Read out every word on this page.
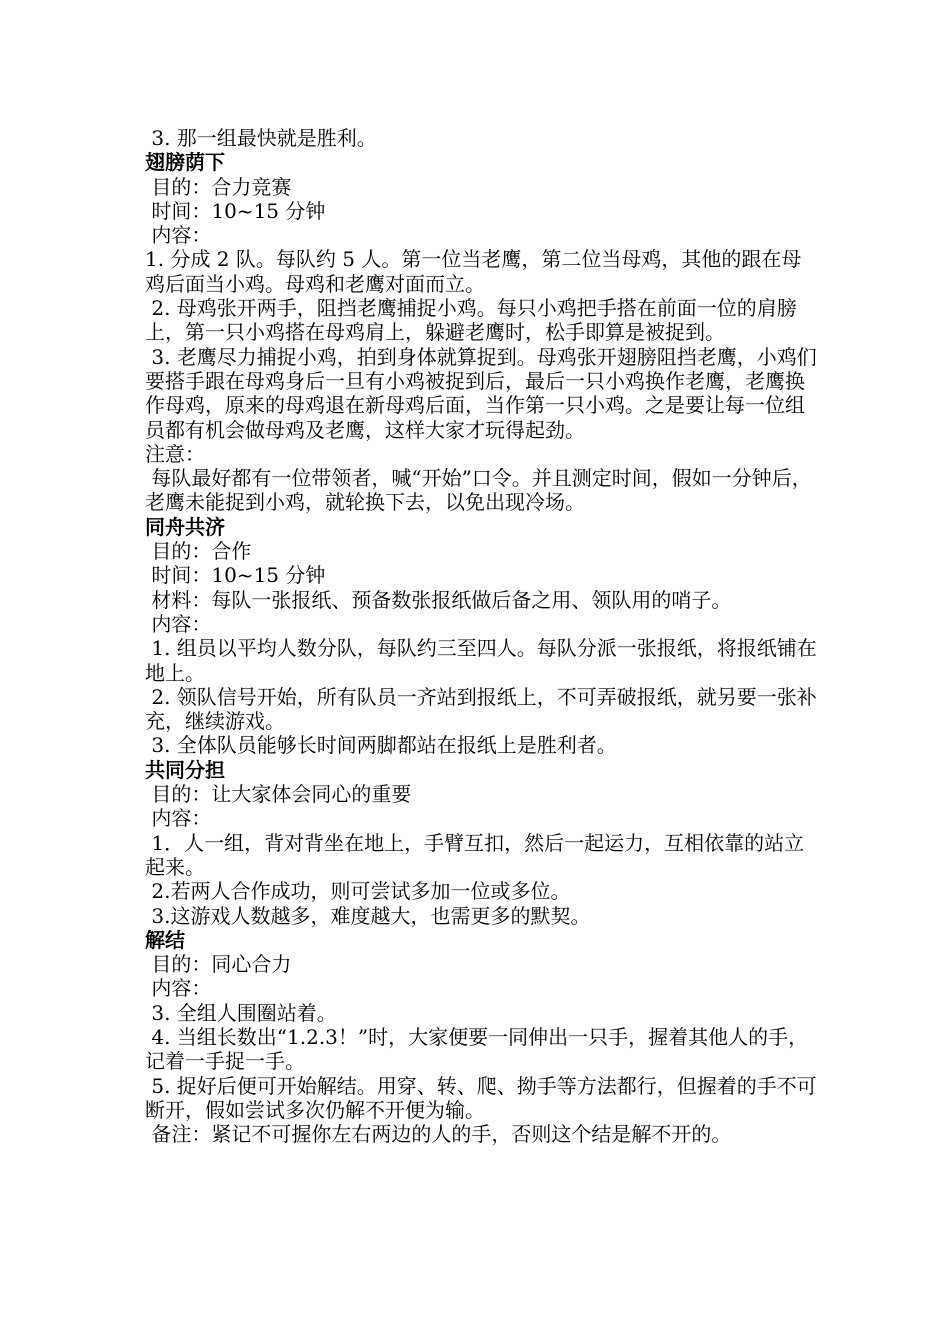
3. 那一组最快就是胜利。

翅膀荫下

目的：合力竞赛

时间：10~15 分钟

内容：

1. 分成 2 队。每队约 5 人。第一位当老鹰，第二位当母鸡，其他的跟在母鸡后面当小鸡。母鸡和老鹰对面而立。

2. 母鸡张开两手，阻挡老鹰捕捉小鸡。每只小鸡把手搭在前面一位的肩膀上，第一只小鸡搭在母鸡肩上，躲避老鹰时，松手即算是被捉到。

3. 老鹰尽力捕捉小鸡，拍到身体就算捉到。母鸡张开翅膀阻挡老鹰，小鸡们要搭手跟在母鸡身后一旦有小鸡被捉到后，最后一只小鸡换作老鹰，老鹰换作母鸡，原来的母鸡退在新母鸡后面，当作第一只小鸡。之是要让每一位组员都有机会做母鸡及老鹰，这样大家才玩得起劲。

注意：

每队最好都有一位带领者，喊“开始”口令。并且测定时间，假如一分钟后，老鹰未能捉到小鸡，就轮换下去，以免出现冷场。

同舟共济

目的：合作

时间：10~15 分钟

材料：每队一张报纸、预备数张报纸做后备之用、领队用的哨子。

内容：

1. 组员以平均人数分队，每队约三至四人。每队分派一张报纸，将报纸铺在地上。

2. 领队信号开始，所有队员一齐站到报纸上，不可弄破报纸，就另要一张补充，继续游戏。

3. 全体队员能够长时间两脚都站在报纸上是胜利者。

共同分担

目的：让大家体会同心的重要

内容：

1．人一组，背对背坐在地上，手臂互扣，然后一起运力，互相依靠的站立起来。

2.若两人合作成功，则可尝试多加一位或多位。

3.这游戏人数越多，难度越大，也需更多的默契。

解结

目的：同心合力

内容：

3. 全组人围圈站着。

4. 当组长数出“1.2.3！”时，大家便要一同伸出一只手，握着其他人的手，记着一手捉一手。

5. 捉好后便可开始解结。用穿、转、爬、拗手等方法都行，但握着的手不可断开，假如尝试多次仍解不开便为输。

备注：紧记不可握你左右两边的人的手，否则这个结是解不开的。
